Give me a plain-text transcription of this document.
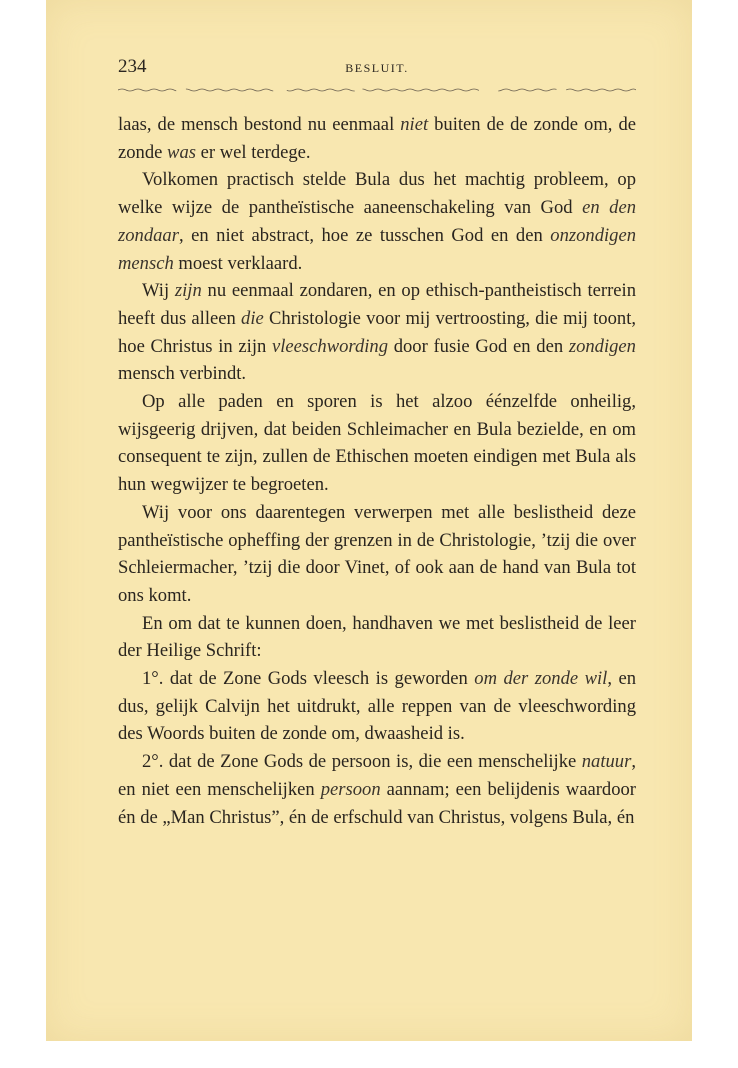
234	BESLUIT.

laas, de mensch bestond nu eenmaal niet buiten de de zonde om, de zonde was er wel terdege.

Volkomen practisch stelde Bula dus het machtig probleem, op welke wijze de pantheïstische aaneenschakeling van God en den zondaar, en niet abstract, hoe ze tusschen God en den onzondigen mensch moest verklaard.

Wij zijn nu eenmaal zondaren, en op ethisch-pantheistisch terrein heeft dus alleen die Christologie voor mij vertroosting, die mij toont, hoe Christus in zijn vleeschwording door fusie God en den zondigen mensch verbindt.

Op alle paden en sporen is het alzoo éénzelfde onheilig, wijsgeerig drijven, dat beiden Schleimacher en Bula bezielde, en om consequent te zijn, zullen de Ethischen moeten eindigen met Bula als hun wegwijzer te begroeten.

Wij voor ons daarentegen verwerpen met alle beslistheid deze pantheïstische opheffing der grenzen in de Christologie, ’tzij die over Schleiermacher, ’tzij die door Vinet, of ook aan de hand van Bula tot ons komt.

En om dat te kunnen doen, handhaven we met beslistheid de leer der Heilige Schrift:

1°. dat de Zone Gods vleesch is geworden om der zonde wil, en dus, gelijk Calvijn het uitdrukt, alle reppen van de vleeschwording des Woords buiten de zonde om, dwaasheid is.

2°. dat de Zone Gods de persoon is, die een menschelijke natuur, en niet een menschelijken persoon aannam; een belijdenis waardoor én de „Man Christus”, én de erfschuld van Christus, volgens Bula, én
